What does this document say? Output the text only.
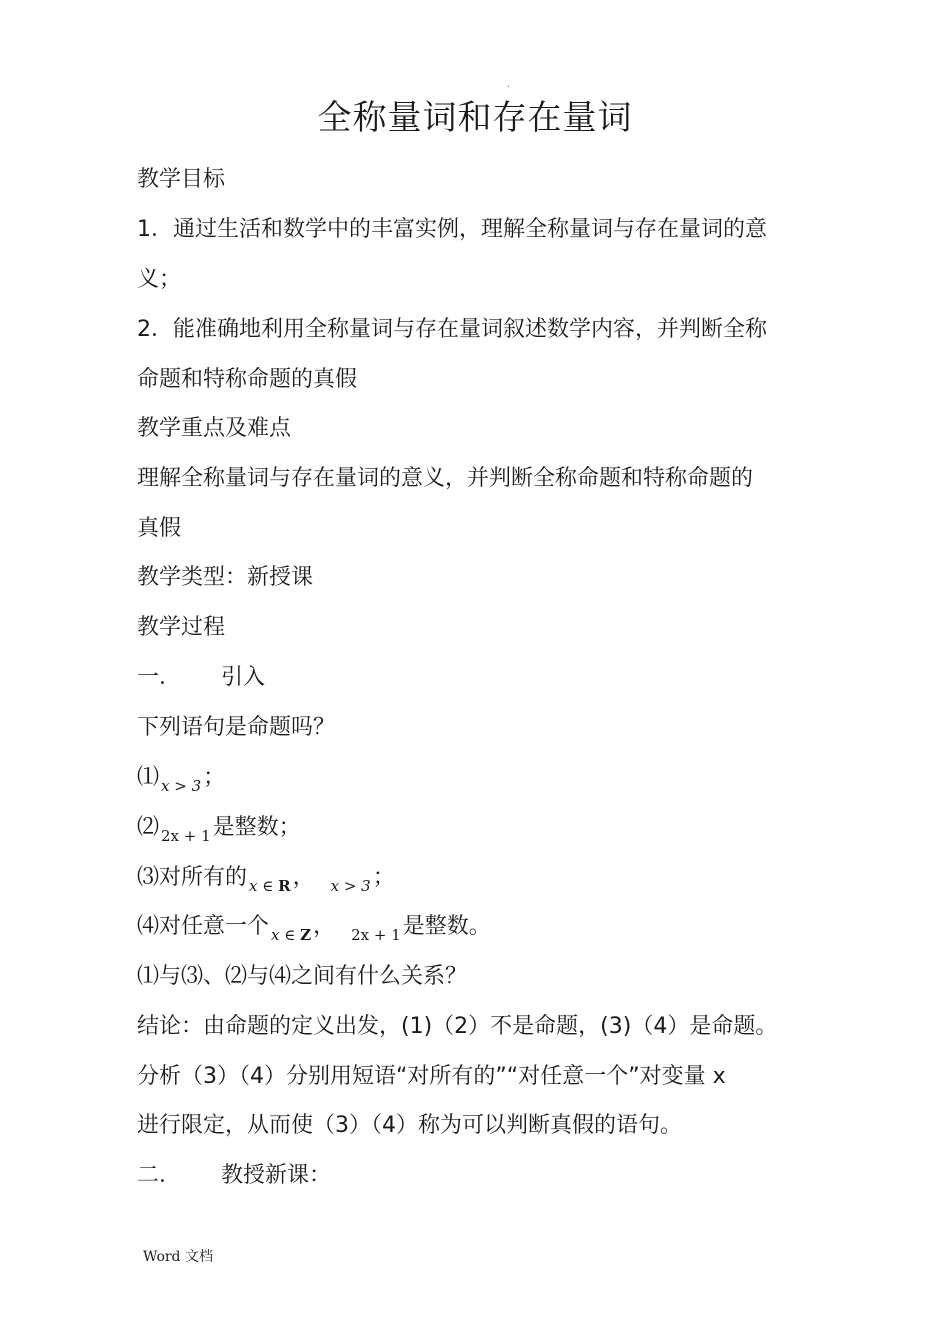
.
全称量词和存在量词
教学目标
1．通过生活和数学中的丰富实例，理解全称量词与存在量词的意
义；
2．能准确地利用全称量词与存在量词叙述数学内容，并判断全称
命题和特称命题的真假
教学重点及难点
理解全称量词与存在量词的意义，并判断全称命题和特称命题的
真假
教学类型：新授课
教学过程
一． 引入
下列语句是命题吗？
⑴ $_{x > 3}$；
⑵ $_{2x + 1}$是整数；
⑶对所有的 $_{x \in R}$， $_{x > 3}$；
⑷对任意一个 $_{x \in Z}$， $_{2x + 1}$是整数。
⑴与⑶、⑵与⑷之间有什么关系？
结论：由命题的定义出发，(1)（2）不是命题，(3)（4）是命题。
分析（3）（4）分别用短语“对所有的”“对任意一个”对变量 x
进行限定，从而使（3）（4）称为可以判断真假的语句。
二． 教授新课：
Word 文档
